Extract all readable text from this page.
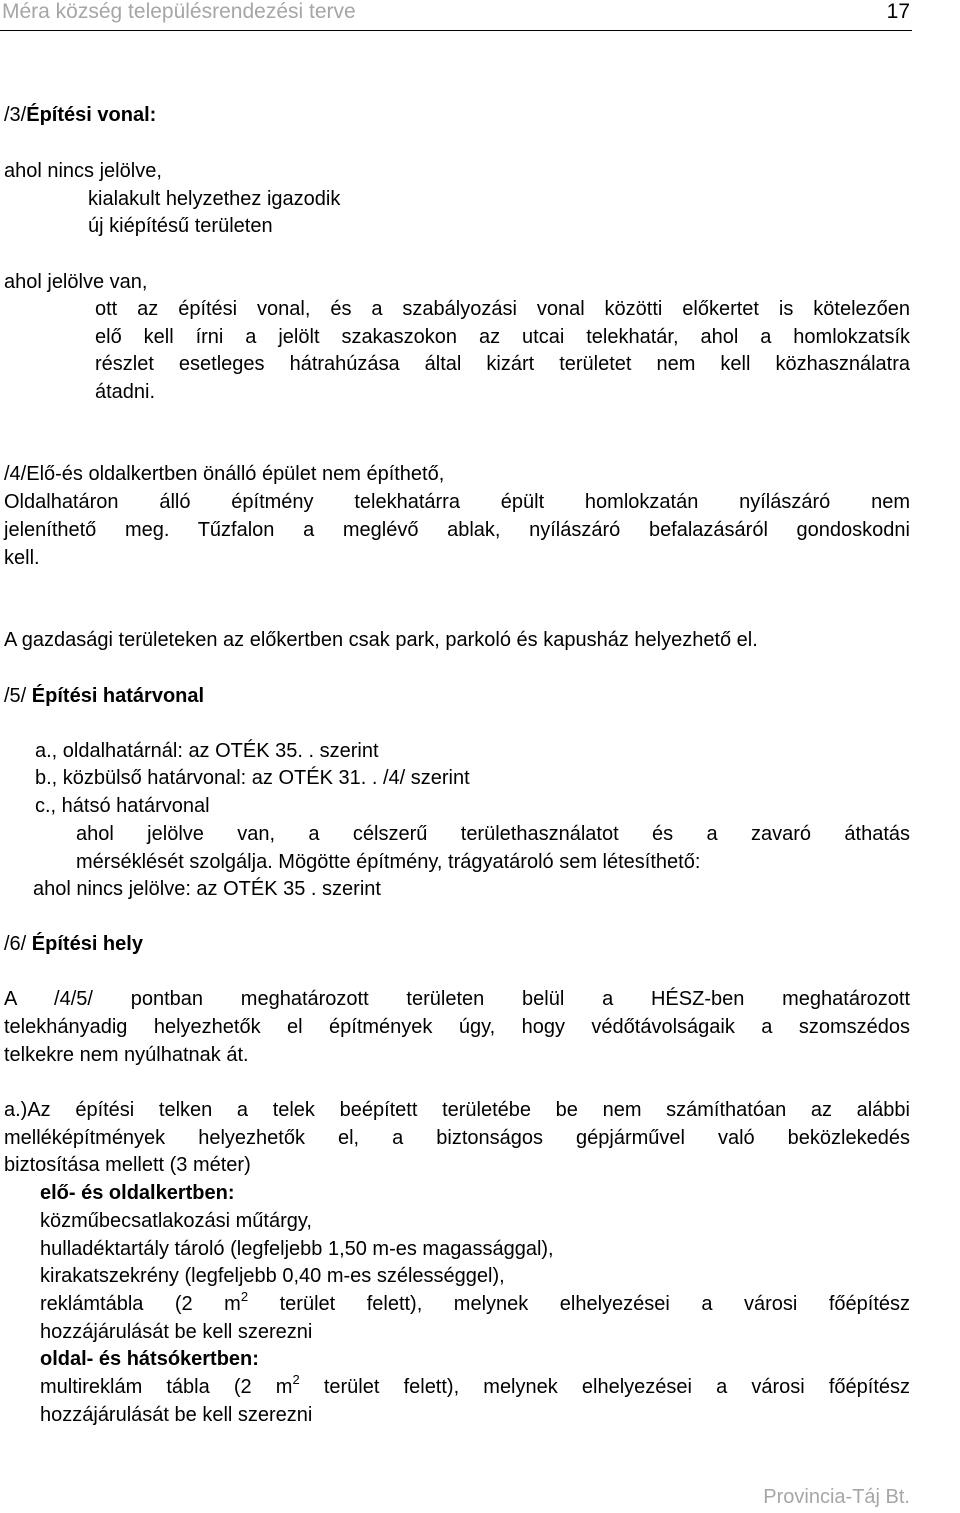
Méra község településrendezési terve	17
/3/Építési vonal:
ahol nincs jelölve,
kialakult helyzethez igazodik
új kiépítésű területen
ahol jelölve van,
ott az építési vonal, és a szabályozási vonal közötti előkertet is kötelezően
elő kell írni a jelölt szakaszokon az utcai telekhatár, ahol a homlokzatsík
részlet esetleges hátrahúzása által kizárt területet nem kell közhasználatra
átadni.
/4/Elő-és oldalkertben önálló épület nem építhető,
Oldalhatáron álló építmény telekhatárra épült homlokzatán nyílászáró nem
jeleníthető meg. Tűzfalon a meglévő ablak, nyílászáró befalazásáról gondoskodni
kell.
A gazdasági területeken az előkertben csak park, parkoló és kapusház helyezhető el.
/5/ Építési határvonal
a., oldalhatárnál: az OTÉK 35. . szerint
b., közbülső határvonal: az OTÉK 31. . /4/ szerint
c., hátsó határvonal
ahol jelölve van, a célszerű területhasználatot és a zavaró áthatás
mérséklését szolgálja. Mögötte építmény, trágyatároló sem létesíthető:
ahol nincs jelölve: az OTÉK 35 . szerint
/6/ Építési hely
A /4/5/ pontban meghatározott területen belül a HÉSZ-ben meghatározott
telekhányadig helyezhetők el építmények úgy, hogy védőtávolságaik a szomszédos
telkekre nem nyúlhatnak át.
a.)Az építési telken a telek beépített területébe be nem számíthatóan az alábbi
melléképítmények helyezhetők el, a biztonságos gépjárművel való beközlekedés
biztosítása mellett (3 méter)
elő- és oldalkertben:
közműbecsatlakozási műtárgy,
hulladéktartály tároló (legfeljebb 1,50 m-es magassággal),
kirakatszekrény (legfeljebb 0,40 m-es szélességgel),
reklámtábla (2 $m^2$ terület felett), melynek elhelyezései a városi főépítész
hozzájárulását be kell szerezni
oldal- és hátsókertben:
multireklám tábla (2 $m^2$ terület felett), melynek elhelyezései a városi főépítész
hozzájárulását be kell szerezni
Provincia-Táj Bt.
